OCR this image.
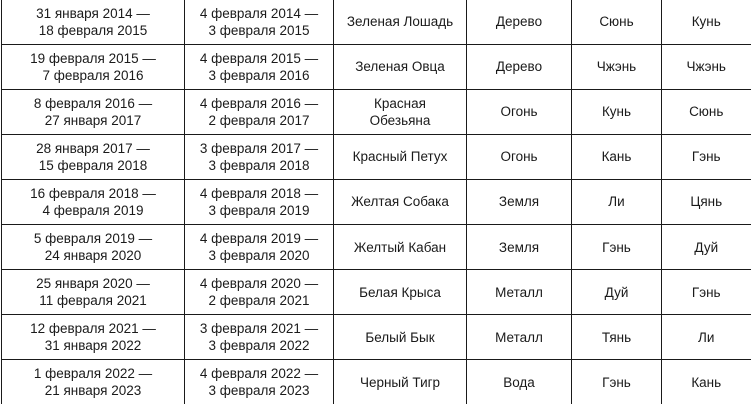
31 января 2014 —
18 февраля 2015	4 февраля 2014 —
3 февраля 2015	Зеленая Лошадь	Дерево	Сюнь	Кунь

19 февраля 2015 —
7 февраля 2016	4 февраля 2015 —
3 февраля 2016	Зеленая Овца	Дерево	Чжэнь	Чжэнь

8 февраля 2016 —
27 января 2017	4 февраля 2016 —
2 февраля 2017	Красная
Обезьяна	Огонь	Кунь	Сюнь

28 января 2017 —
15 февраля 2018	3 февраля 2017 —
3 февраля 2018	Красный Петух	Огонь	Кань	Гэнь

16 февраля 2018 —
4 февраля 2019	4 февраля 2018 —
3 февраля 2019	Желтая Собака	Земля	Ли	Цянь

5 февраля 2019 —
24 января 2020	4 февраля 2019 —
3 февраля 2020	Желтый Кабан	Земля	Гэнь	Дуй

25 января 2020 —
11 февраля 2021	4 февраля 2020 —
2 февраля 2021	Белая Крыса	Металл	Дуй	Гэнь

12 февраля 2021 —
31 января 2022	3 февраля 2021 —
3 февраля 2022	Белый Бык	Металл	Тянь	Ли

1 февраля 2022 —
21 января 2023	4 февраля 2022 —
3 февраля 2023	Черный Тигр	Вода	Гэнь	Кань
